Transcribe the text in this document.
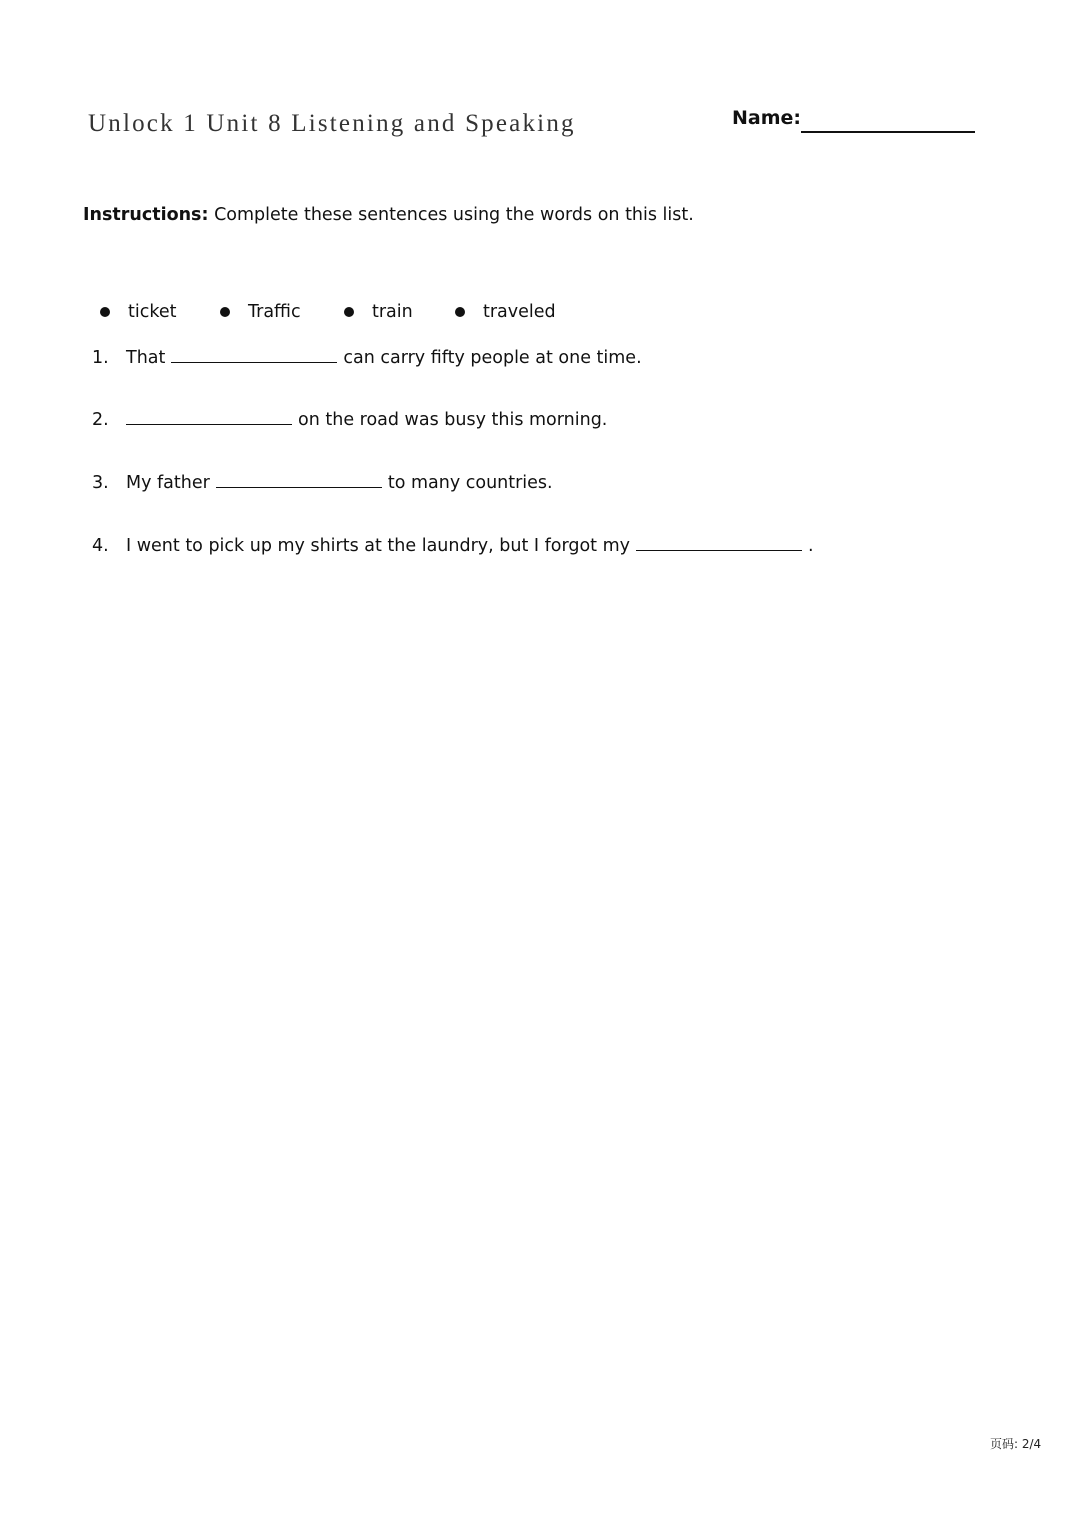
Unlock 1 Unit 8 Listening and Speaking	Name:
Instructions: Complete these sentences using the words on this list.
ticket	Traffic	train	traveled
1. That	can carry fifty people at one time.
2.	on the road was busy this morning.
3. My father	to many countries.
4. I went to pick up my shirts at the laundry, but I forgot my	.
页码: 2/4
